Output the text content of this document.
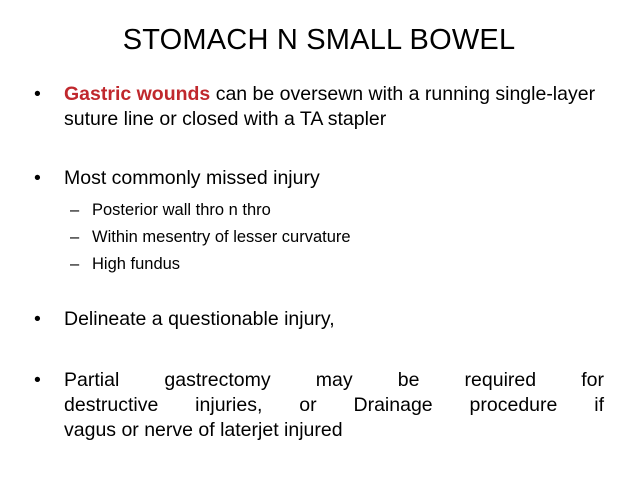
STOMACH N SMALL BOWEL
•	Gastric wounds can be oversewn with a running single-layer suture line or closed with a TA stapler
•	Most commonly missed injury
– Posterior wall thro n thro
– Within mesentry of lesser curvature
– High fundus
•	Delineate a questionable injury,
•	Partial gastrectomy may be required for
destructive injuries, or Drainage procedure if
vagus or nerve of laterjet injured
